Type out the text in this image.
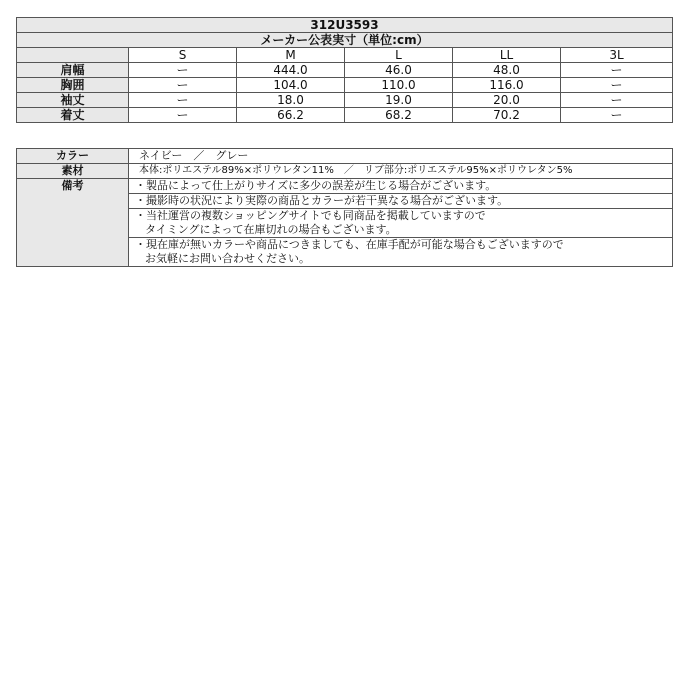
312U3593					
メーカー公表実寸（単位:cm）					
	S	M	L	LL	3L
肩幅	ー	444.0	46.0	48.0	ー
胸囲	ー	104.0	110.0	116.0	ー
袖丈	ー	18.0	19.0	20.0	ー
着丈	ー	66.2	68.2	70.2	ー
カラー	ネイビー　／　グレー
素材	本体:ポリエステル89%×ポリウレタン11%　／　リブ部分:ポリエステル95%×ポリウレタン5%
備考	・製品によって仕上がりサイズに多少の誤差が生じる場合がございます。

	・撮影時の状況により実際の商品とカラーが若干異なる場合がございます。

	・当社運営の複数ショッピングサイトでも同商品を掲載していますので
タイミングによって在庫切れの場合もございます。

	・現在庫が無いカラーや商品につきましても、在庫手配が可能な場合もございますので
お気軽にお問い合わせください。
